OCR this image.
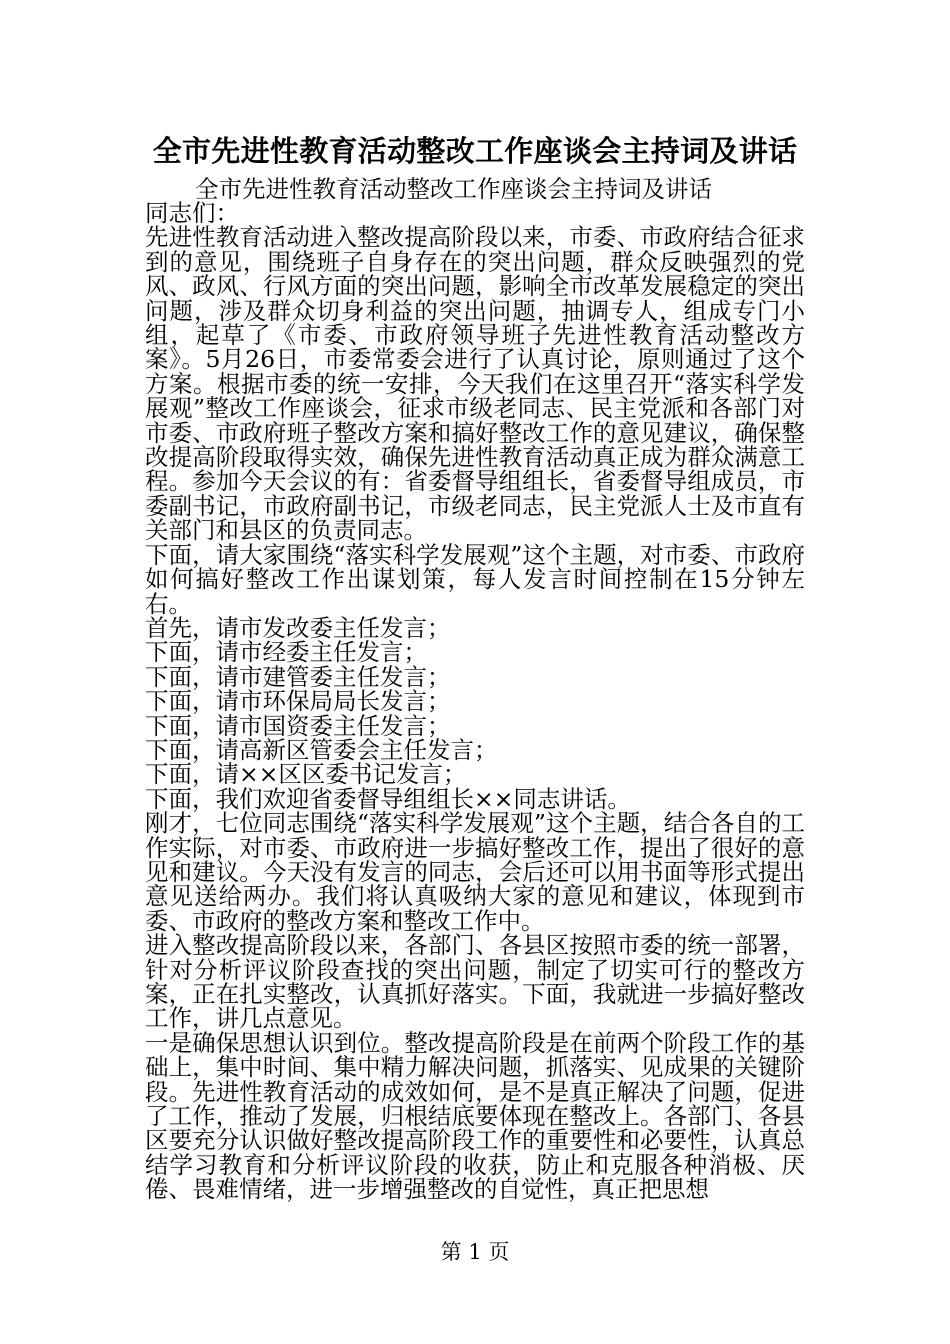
全市先进性教育活动整改工作座谈会主持词及讲话
全市先进性教育活动整改工作座谈会主持词及讲话

同志们：

先进性教育活动进入整改提高阶段以来，市委、市政府结合征求到的意见，围绕班子自身存在的突出问题，群众反映强烈的党风、政风、行风方面的突出问题，影响全市改革发展稳定的突出问题，涉及群众切身利益的突出问题，抽调专人，组成专门小组，起草了《市委、市政府领导班子先进性教育活动整改方案》。5月26日，市委常委会进行了认真讨论，原则通过了这个方案。根据市委的统一安排，今天我们在这里召开“落实科学发展观”整改工作座谈会，征求市级老同志、民主党派和各部门对市委、市政府班子整改方案和搞好整改工作的意见建议，确保整改提高阶段取得实效，确保先进性教育活动真正成为群众满意工程。参加今天会议的有：省委督导组组长，省委督导组成员，市委副书记，市政府副书记，市级老同志，民主党派人士及市直有关部门和县区的负责同志。

下面，请大家围绕“落实科学发展观”这个主题，对市委、市政府如何搞好整改工作出谋划策，每人发言时间控制在15分钟左右。

首先，请市发改委主任发言；

下面，请市经委主任发言；

下面，请市建管委主任发言；

下面，请市环保局局长发言；

下面，请市国资委主任发言；

下面，请高新区管委会主任发言；

下面，请××区区委书记发言；

下面，我们欢迎省委督导组组长××同志讲话。

刚才，七位同志围绕“落实科学发展观”这个主题，结合各自的工作实际，对市委、市政府进一步搞好整改工作，提出了很好的意见和建议。今天没有发言的同志，会后还可以用书面等形式提出意见送给两办。我们将认真吸纳大家的意见和建议，体现到市委、市政府的整改方案和整改工作中。

进入整改提高阶段以来，各部门、各县区按照市委的统一部署，针对分析评议阶段查找的突出问题，制定了切实可行的整改方案，正在扎实整改，认真抓好落实。下面，我就进一步搞好整改工作，讲几点意见。

一是确保思想认识到位。整改提高阶段是在前两个阶段工作的基础上，集中时间、集中精力解决问题，抓落实、见成果的关键阶段。先进性教育活动的成效如何，是不是真正解决了问题，促进了工作，推动了发展，归根结底要体现在整改上。各部门、各县区要充分认识做好整改提高阶段工作的重要性和必要性，认真总结学习教育和分析评议阶段的收获，防止和克服各种消极、厌倦、畏难情绪，进一步增强整改的自觉性，真正把思想

第 1 页
